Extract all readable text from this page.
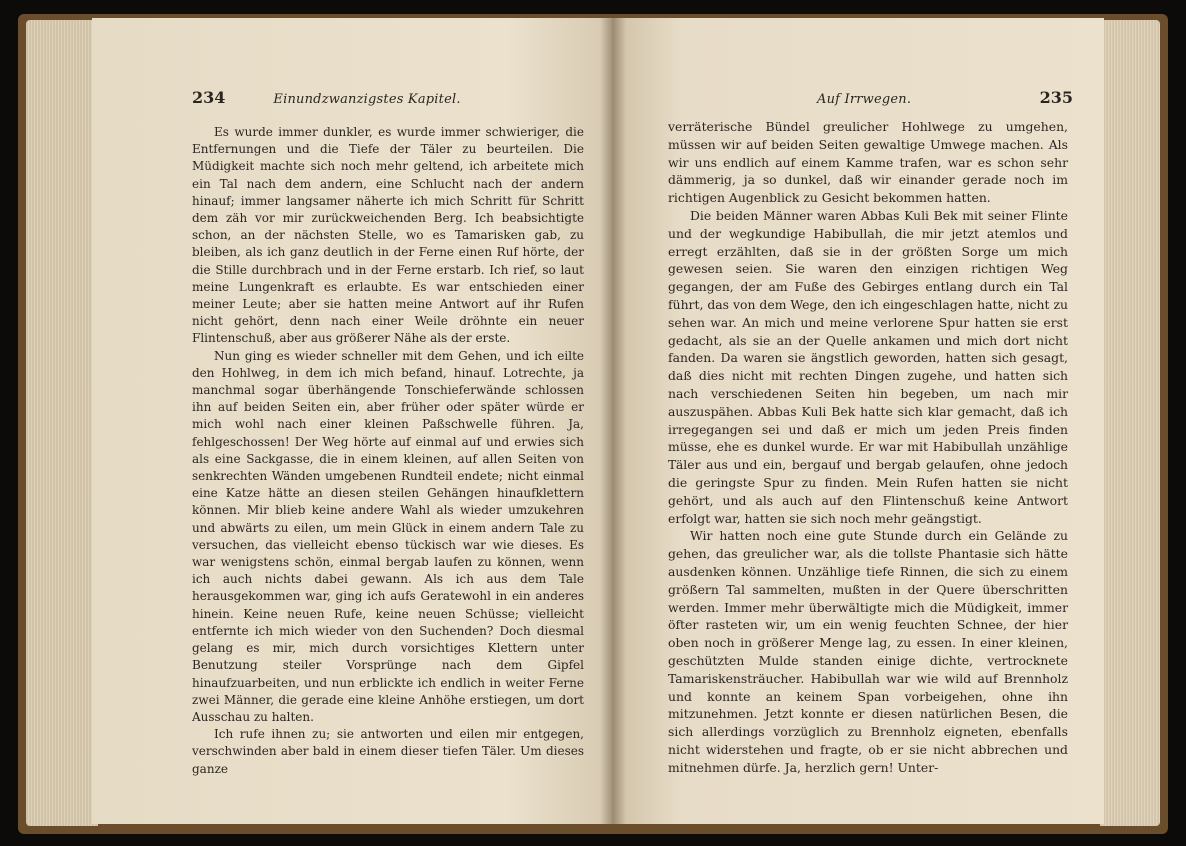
234	Einundzwanzigstes Kapitel.

Es wurde immer dunkler, es wurde immer schwieriger, die Entfernungen und die Tiefe der Täler zu beurteilen. Die Müdigkeit machte sich noch mehr geltend, ich arbeitete mich ein Tal nach dem andern, eine Schlucht nach der andern hinauf; immer langsamer näherte ich mich Schritt für Schritt dem zäh vor mir zurückweichenden Berg. Ich beabsichtigte schon, an der nächsten Stelle, wo es Tamarisken gab, zu bleiben, als ich ganz deutlich in der Ferne einen Ruf hörte, der die Stille durchbrach und in der Ferne erstarb. Ich rief, so laut meine Lungenkraft es erlaubte. Es war entschieden einer meiner Leute; aber sie hatten meine Antwort auf ihr Rufen nicht gehört, denn nach einer Weile dröhnte ein neuer Flintenschuß, aber aus größerer Nähe als der erste.

Nun ging es wieder schneller mit dem Gehen, und ich eilte den Hohlweg, in dem ich mich befand, hinauf. Lotrechte, ja manchmal sogar überhängende Tonschieferwände schlossen ihn auf beiden Seiten ein, aber früher oder später würde er mich wohl nach einer kleinen Paßschwelle führen. Ja, fehlgeschossen! Der Weg hörte auf einmal auf und erwies sich als eine Sackgasse, die in einem kleinen, auf allen Seiten von senkrechten Wänden umgebenen Rundteil endete; nicht einmal eine Katze hätte an diesen steilen Gehängen hinaufklettern können. Mir blieb keine andere Wahl als wieder umzukehren und abwärts zu eilen, um mein Glück in einem andern Tale zu versuchen, das vielleicht ebenso tückisch war wie dieses. Es war wenigstens schön, einmal bergab laufen zu können, wenn ich auch nichts dabei gewann. Als ich aus dem Tale herausgekommen war, ging ich aufs Geratewohl in ein anderes hinein. Keine neuen Rufe, keine neuen Schüsse; vielleicht entfernte ich mich wieder von den Suchenden? Doch diesmal gelang es mir, mich durch vorsichtiges Klettern unter Benutzung steiler Vorsprünge nach dem Gipfel hinaufzuarbeiten, und nun erblickte ich endlich in weiter Ferne zwei Männer, die gerade eine kleine Anhöhe erstiegen, um dort Ausschau zu halten.

Ich rufe ihnen zu; sie antworten und eilen mir entgegen, verschwinden aber bald in einem dieser tiefen Täler. Um dieses ganze

Auf Irrwegen.	235

verräterische Bündel greulicher Hohlwege zu umgehen, müssen wir auf beiden Seiten gewaltige Umwege machen. Als wir uns endlich auf einem Kamme trafen, war es schon sehr dämmerig, ja so dunkel, daß wir einander gerade noch im richtigen Augenblick zu Gesicht bekommen hatten.

Die beiden Männer waren Abbas Kuli Bek mit seiner Flinte und der wegkundige Habibullah, die mir jetzt atemlos und erregt erzählten, daß sie in der größten Sorge um mich gewesen seien. Sie waren den einzigen richtigen Weg gegangen, der am Fuße des Gebirges entlang durch ein Tal führt, das von dem Wege, den ich eingeschlagen hatte, nicht zu sehen war. An mich und meine verlorene Spur hatten sie erst gedacht, als sie an der Quelle ankamen und mich dort nicht fanden. Da waren sie ängstlich geworden, hatten sich gesagt, daß dies nicht mit rechten Dingen zugehe, und hatten sich nach verschiedenen Seiten hin begeben, um nach mir auszuspähen. Abbas Kuli Bek hatte sich klar gemacht, daß ich irregegangen sei und daß er mich um jeden Preis finden müsse, ehe es dunkel wurde. Er war mit Habibullah unzählige Täler aus und ein, bergauf und bergab gelaufen, ohne jedoch die geringste Spur zu finden. Mein Rufen hatten sie nicht gehört, und als auch auf den Flintenschuß keine Antwort erfolgt war, hatten sie sich noch mehr geängstigt.

Wir hatten noch eine gute Stunde durch ein Gelände zu gehen, das greulicher war, als die tollste Phantasie sich hätte ausdenken können. Unzählige tiefe Rinnen, die sich zu einem größern Tal sammelten, mußten in der Quere überschritten werden. Immer mehr überwältigte mich die Müdigkeit, immer öfter rasteten wir, um ein wenig feuchten Schnee, der hier oben noch in größerer Menge lag, zu essen. In einer kleinen, geschützten Mulde standen einige dichte, vertrocknete Tamariskensträucher. Habibullah war wie wild auf Brennholz und konnte an keinem Span vorbeigehen, ohne ihn mitzunehmen. Jetzt konnte er diesen natürlichen Besen, die sich allerdings vorzüglich zu Brennholz eigneten, ebenfalls nicht widerstehen und fragte, ob er sie nicht abbrechen und mitnehmen dürfe. Ja, herzlich gern! Unter-
